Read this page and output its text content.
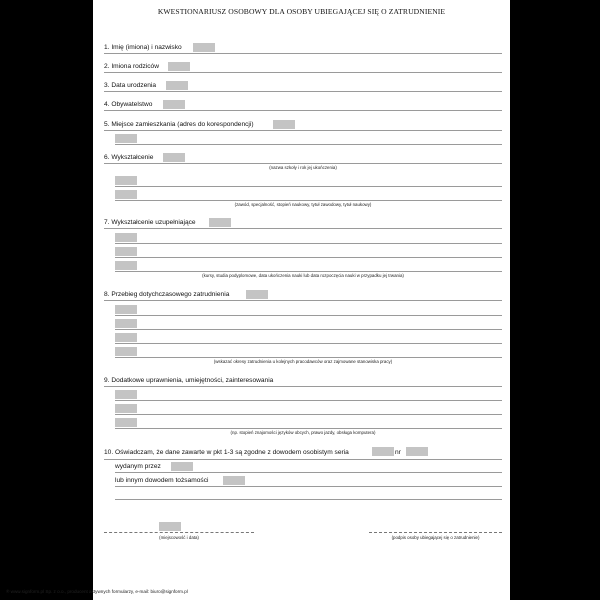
KWESTIONARIUSZ OSOBOWY DLA OSOBY UBIEGAJĄCEJ SIĘ O ZATRUDNIENIE
1. Imię (imiona) i nazwisko
2. Imiona rodziców
3. Data urodzenia
4. Obywatelstwo
5. Miejsce zamieszkania (adres do korespondencji)
6. Wykształcenie
(nazwa szkoły i rok jej ukończenia)
(zawód, specjalność, stopień naukowy, tytuł zawodowy, tytuł naukowy)
7. Wykształcenie uzupełniające
(kursy, studia podyplomowe, data ukończenia nauki lub data rozpoczęcia nauki w przypadku jej trwania)
8. Przebieg dotychczasowego zatrudnienia
(wskazać okresy zatrudnienia u kolejnych pracodawców oraz zajmowane stanowiska pracy)
9. Dodatkowe uprawnienia, umiejętności, zainteresowania
(np. stopień znajomości języków obcych, prawo jazdy, obsługa komputera)
10. Oświadczam, że dane zawarte w pkt 1-3 są zgodne z dowodem osobistym seria	nr
wydanym przez
lub innym dowodem tożsamości
(miejscowość i data)	(podpis osoby ubiegającej się o zatrudnienie)
® www.signform.pl Sp. z o.o., producent aktywnych formularzy, e-mail: biuro@signform.pl
